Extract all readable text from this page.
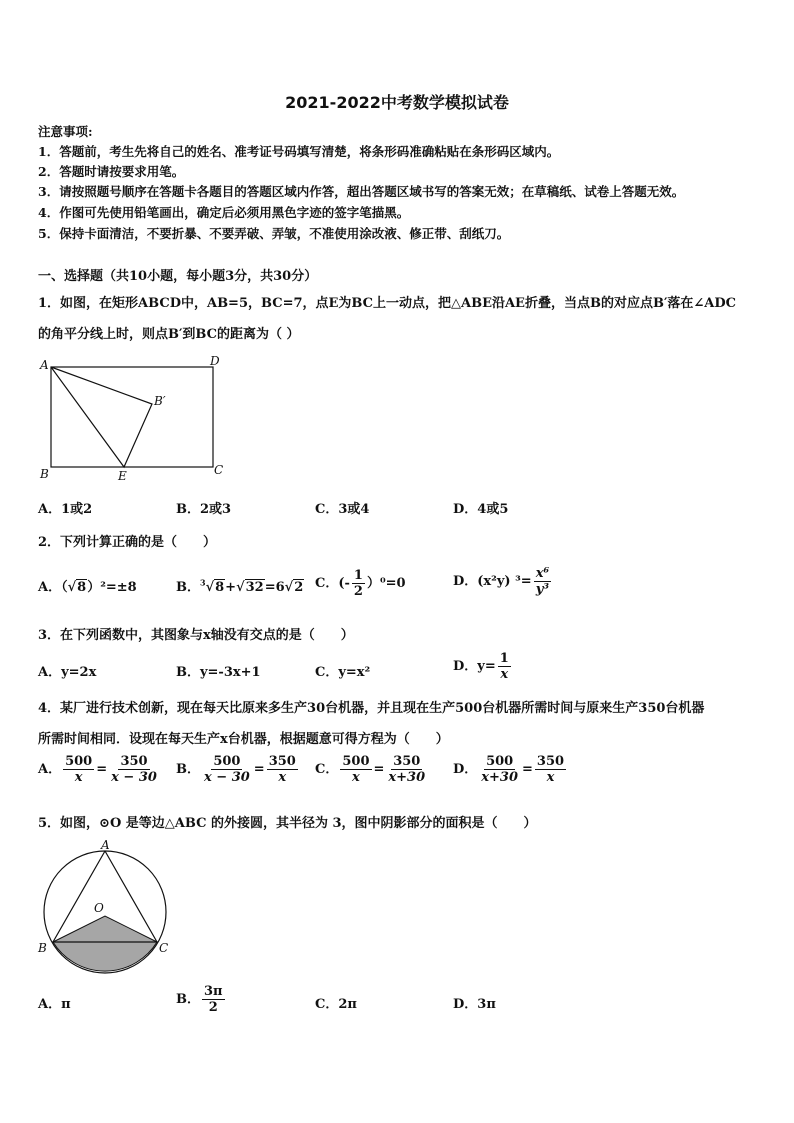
2021-2022中考数学模拟试卷
注意事项:
1．答题前，考生先将自己的姓名、准考证号码填写清楚，将条形码准确粘贴在条形码区域内。
2．答题时请按要求用笔。
3．请按照题号顺序在答题卡各题目的答题区域内作答，超出答题区域书写的答案无效；在草稿纸、试卷上答题无效。
4．作图可先使用铅笔画出，确定后必须用黑色字迹的签字笔描黑。
5．保持卡面清洁，不要折暴、不要弄破、弄皱，不准使用涂改液、修正带、刮纸刀。
一、选择题（共10小题，每小题3分，共30分）
1．如图，在矩形ABCD中，AB=5，BC=7，点E为BC上一动点，把△ABE沿AE折叠，当点B的对应点B′落在∠ADC
的角平分线上时，则点B′到BC的距离为（ ）
A	D
B′
B	C
E
A．1或2	B．2或3	C．3或4	D．4或5
2．下列计算正确的是（　　）
A．（√8）²=±8	B．$^3$√8+√32=6√2 C．(- $\frac{1}{2} )^0=0$	D．(x²y) $^3= \frac{\text{x⁶}}{\text{y³}}$
3．在下列函数中，其图象与x轴没有交点的是（　　）
A．y=2x	B．y=-3x+1	C．y=x²	D．$y= \frac{1}{x}$
4．某厂进行技术创新，现在每天比原来多生产30台机器，并且现在生产500台机器所需时间与原来生产350台机器
所需时间相同．设现在每天生产x台机器，根据题意可得方程为（　　）
A． $\frac{500}{x} = \frac{350}{x - 30}$ B． $\frac{500}{x - 30} = \frac{350}{x}$ C． $\frac{500}{x} = \frac{350}{x+30}$ D． $\frac{500}{x+30} = \frac{350}{x}$
5．如图，⊙O 是等边△ABC 的外接圆，其半径为 3，图中阴影部分的面积是（　　）
A
O
B	C
A．π	B． $\frac{3\pi}{2}$	C．2π	D．3π
